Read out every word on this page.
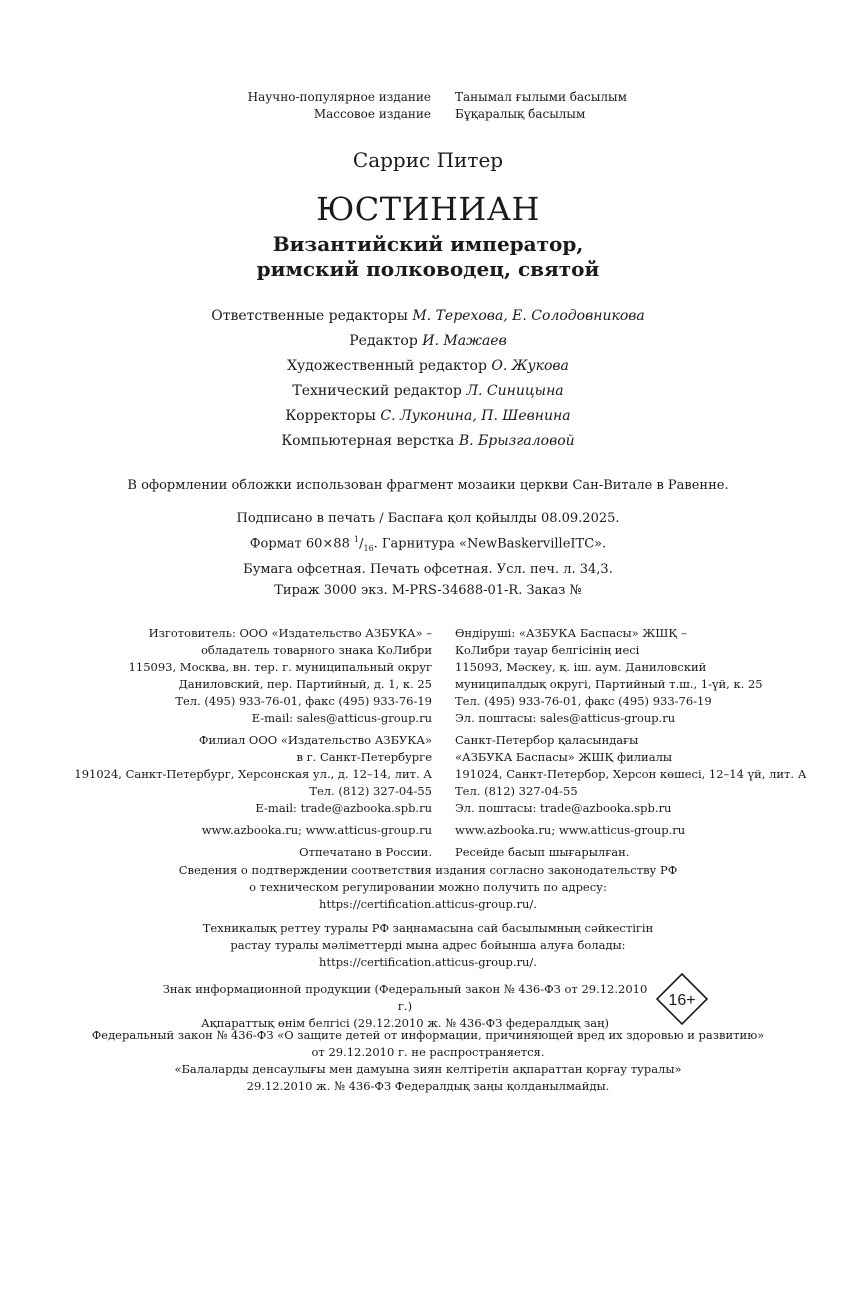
Научно-популярное издание
Массовое издание
Танымал ғылыми басылым
Бұқаралық басылым
Саррис Питер
ЮСТИНИАН
Византийский император,
римский полководец, святой
Ответственные редакторы М. Терехова, Е. Солодовникова
Редактор И. Мажаев
Художественный редактор О. Жукова
Технический редактор Л. Синицына
Корректоры С. Луконина, П. Шевнина
Компьютерная верстка В. Брызгаловой
В оформлении обложки использован фрагмент мозаики церкви Сан-Витале в Равенне.
Подписано в печать / Баспаға қол қойылды 08.09.2025.
Формат 60×88 $^1/_{16}$. Гарнитура «NewBaskervilleITC».
Бумага офсетная. Печать офсетная. Усл. печ. л. 34,3.
Тираж 3000 экз. M-PRS-34688-01-R. Заказ №
Изготовитель: ООО «Издательство АЗБУКА» –
обладатель товарного знака КоЛибри
115093, Москва, вн. тер. г. муниципальный округ
Даниловский, пер. Партийный, д. 1, к. 25
Тел. (495) 933-76-01, факс (495) 933-76-19
E-mail: sales@atticus-group.ru
Филиал ООО «Издательство АЗБУКА»
в г. Санкт-Петербурге
191024, Санкт-Петербург, Херсонская ул., д. 12–14, лит. А
Тел. (812) 327-04-55
E-mail: trade@azbooka.spb.ru
www.azbooka.ru; www.atticus-group.ru
Отпечатано в России.
Өндіруші: «АЗБУКА Баспасы» ЖШҚ –
КоЛибри тауар белгісінің иесі
115093, Мәскеу, қ. іш. аум. Даниловский
муниципалдық округі, Партийный т.ш., 1-үй, к. 25
Тел. (495) 933-76-01, факс (495) 933-76-19
Эл. поштасы: sales@atticus-group.ru
Санкт-Петербор қаласындағы
«АЗБУКА Баспасы» ЖШҚ филиалы
191024, Санкт-Петербор, Херсон көшесі, 12–14 үй, лит. А
Тел. (812) 327-04-55
Эл. поштасы: trade@azbooka.spb.ru
www.azbooka.ru; www.atticus-group.ru
Ресейде басып шығарылған.
Сведения о подтверждении соответствия издания согласно законодательству РФ
о техническом регулировании можно получить по адресу:
https://certification.atticus-group.ru/.
Техникалық реттеу туралы РФ заңнамасына сай басылымның сәйкестігін
растау туралы мәліметтерді мына адрес бойынша алуға болады:
https://certification.atticus-group.ru/.
Знак информационной продукции (Федеральный закон № 436-ФЗ от 29.12.2010 г.)
Ақпараттық өнім белгісі (29.12.2010 ж. № 436-ФЗ федералдық заң)
16+
Федеральный закон № 436-ФЗ «О защите детей от информации, причиняющей вред их здоровью и развитию»
от 29.12.2010 г. не распространяется.
«Балаларды денсаулығы мен дамуына зиян келтіретін ақпараттан қорғау туралы»
29.12.2010 ж. № 436-ФЗ Федералдық заңы қолданылмайды.
